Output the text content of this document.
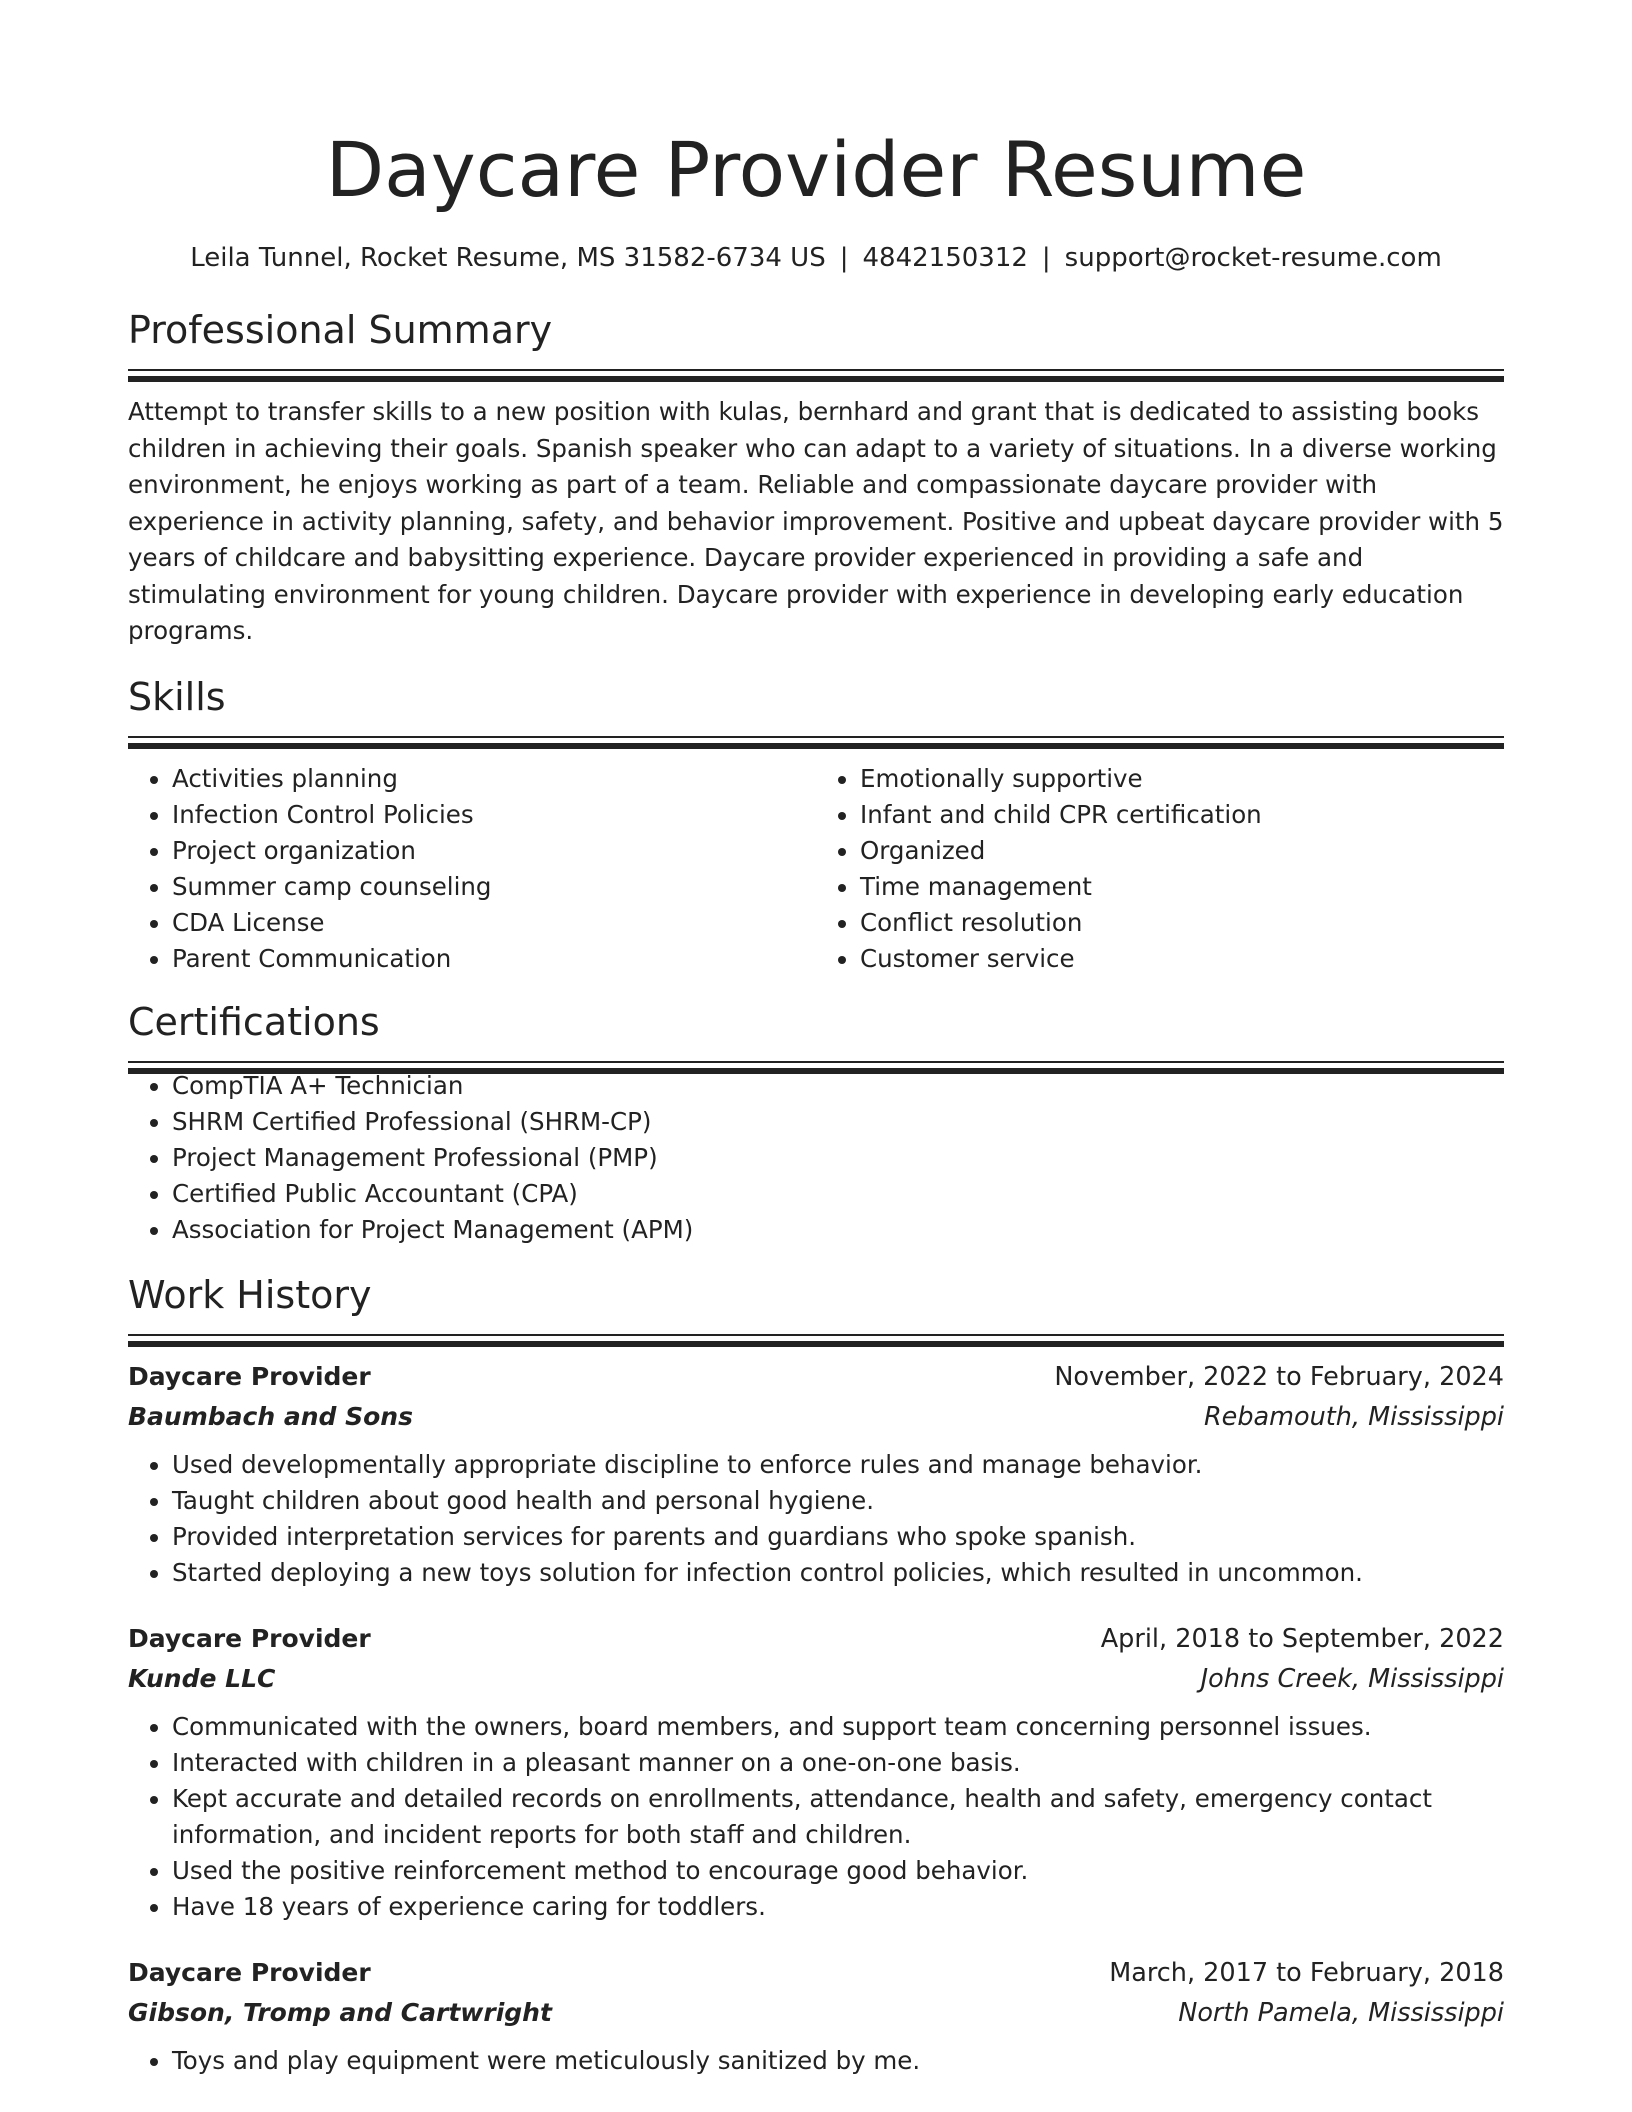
Daycare Provider Resume
Leila Tunnel, Rocket Resume, MS 31582-6734 US | 4842150312 | support@rocket-resume.com
Professional Summary

Attempt to transfer skills to a new position with kulas, bernhard and grant that is dedicated to assisting books children in achieving their goals. Spanish speaker who can adapt to a variety of situations. In a diverse working environment, he enjoys working as part of a team. Reliable and compassionate daycare provider with experience in activity planning, safety, and behavior improvement. Positive and upbeat daycare provider with 5 years of childcare and babysitting experience. Daycare provider experienced in providing a safe and stimulating environment for young children. Daycare provider with experience in developing early education programs.

Skills
• Activities planning
• Infection Control Policies
• Project organization
• Summer camp counseling
• CDA License
• Parent Communication
• Emotionally supportive
• Infant and child CPR certification
• Organized
• Time management
• Conflict resolution
• Customer service
Certifications
• CompTIA A+ Technician
• SHRM Certified Professional (SHRM-CP)
• Project Management Professional (PMP)
• Certified Public Accountant (CPA)
• Association for Project Management (APM)
Work History
Daycare Provider	November, 2022 to February, 2024
Baumbach and Sons	Rebamouth, Mississippi
• Used developmentally appropriate discipline to enforce rules and manage behavior.
• Taught children about good health and personal hygiene.
• Provided interpretation services for parents and guardians who spoke spanish.
• Started deploying a new toys solution for infection control policies, which resulted in uncommon.
Daycare Provider	April, 2018 to September, 2022
Kunde LLC	Johns Creek, Mississippi
• Communicated with the owners, board members, and support team concerning personnel issues.
• Interacted with children in a pleasant manner on a one-on-one basis.
• Kept accurate and detailed records on enrollments, attendance, health and safety, emergency contact information, and incident reports for both staff and children.
• Used the positive reinforcement method to encourage good behavior.
• Have 18 years of experience caring for toddlers.
Daycare Provider	March, 2017 to February, 2018
Gibson, Tromp and Cartwright	North Pamela, Mississippi
• Toys and play equipment were meticulously sanitized by me.
